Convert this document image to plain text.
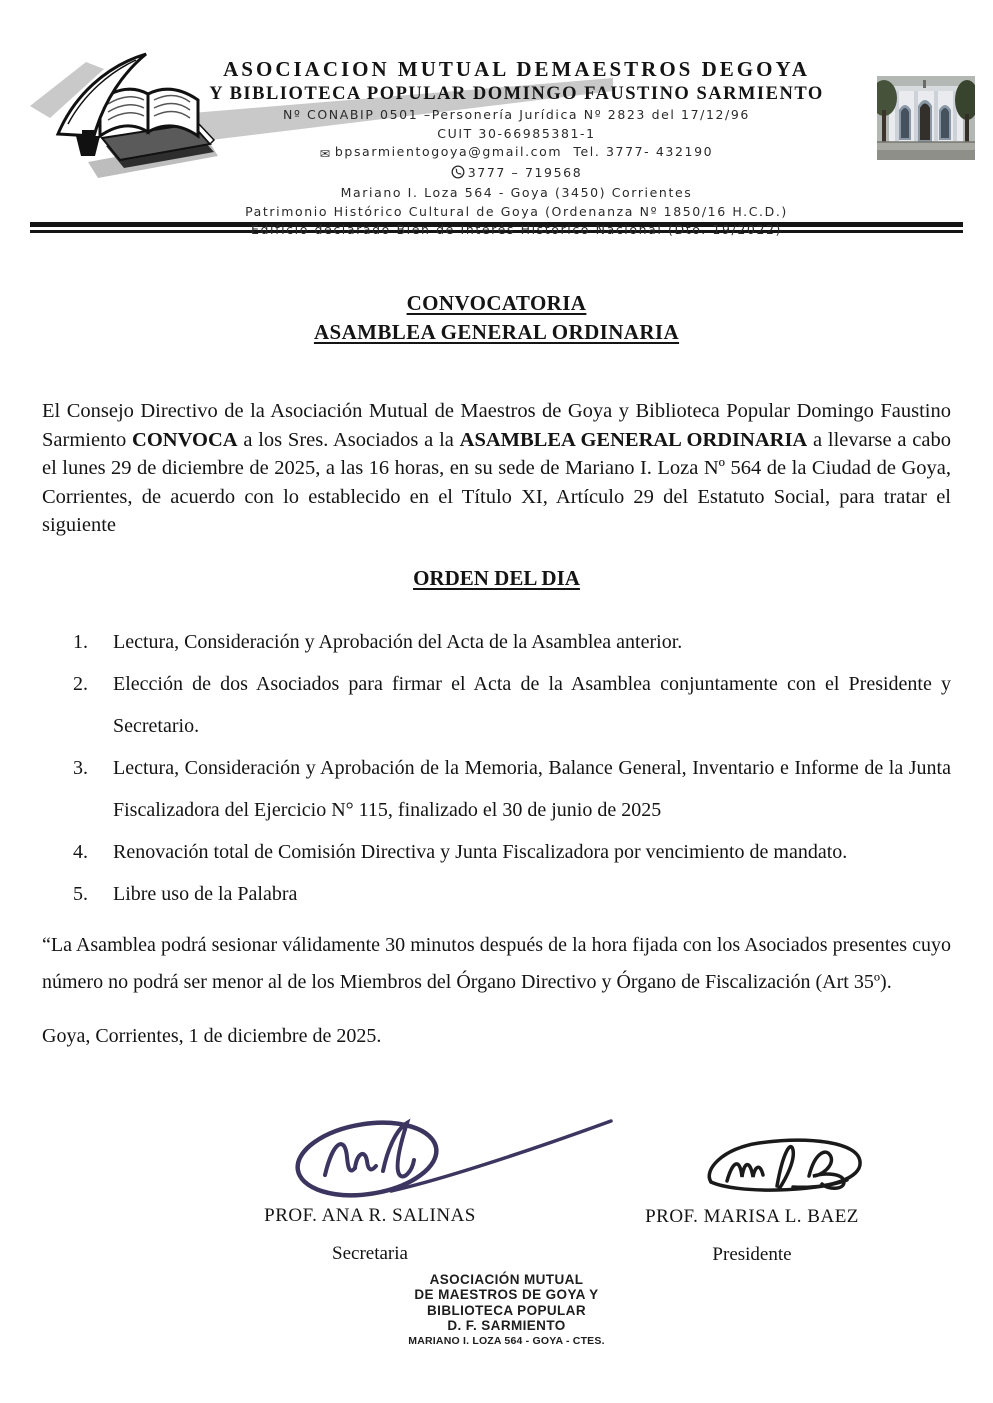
ASOCIACION MUTUAL DEMAESTROS DEGOYA
Y BIBLIOTECA POPULAR DOMINGO FAUSTINO SARMIENTO
Nº CONABIP 0501 –Personería Jurídica Nº 2823 del 17/12/96
CUIT 30-66985381-1
✉ bpsarmientogoya@gmail.com Tel. 3777- 432190
3777 – 719568
Mariano I. Loza 564 - Goya (3450) Corrientes
Patrimonio Histórico Cultural de Goya (Ordenanza Nº 1850/16 H.C.D.)
Edificio declarado Bien de Interés Histórico Nacional (Dto. 19/2022)
CONVOCATORIA
ASAMBLEA GENERAL ORDINARIA

El Consejo Directivo de la Asociación Mutual de Maestros de Goya y Biblioteca Popular Domingo Faustino Sarmiento CONVOCA a los Sres. Asociados a la ASAMBLEA GENERAL ORDINARIA a llevarse a cabo el lunes 29 de diciembre de 2025, a las 16 horas, en su sede de Mariano I. Loza Nº 564 de la Ciudad de Goya, Corrientes, de acuerdo con lo establecido en el Título XI, Artículo 29 del Estatuto Social, para tratar el siguiente

ORDEN DEL DIA
1.	Lectura, Consideración y Aprobación del Acta de la Asamblea anterior.
2.	Elección de dos Asociados para firmar el Acta de la Asamblea conjuntamente con el Presidente y Secretario.
3.	Lectura, Consideración y Aprobación de la Memoria, Balance General, Inventario e Informe de la Junta Fiscalizadora del Ejercicio N° 115, finalizado el 30 de junio de 2025
4.	Renovación total de Comisión Directiva y Junta Fiscalizadora por vencimiento de mandato.
5.	Libre uso de la Palabra

“La Asamblea podrá sesionar válidamente 30 minutos después de la hora fijada con los Asociados presentes cuyo número no podrá ser menor al de los Miembros del Órgano Directivo y Órgano de Fiscalización (Art 35º).

Goya, Corrientes, 1 de diciembre de 2025.

PROF. ANA R. SALINAS
Secretaria
PROF. MARISA L. BAEZ
Presidente
ASOCIACIÓN MUTUAL
DE MAESTROS DE GOYA Y
BIBLIOTECA POPULAR
D. F. SARMIENTO
MARIANO I. LOZA 564 - GOYA - CTES.
